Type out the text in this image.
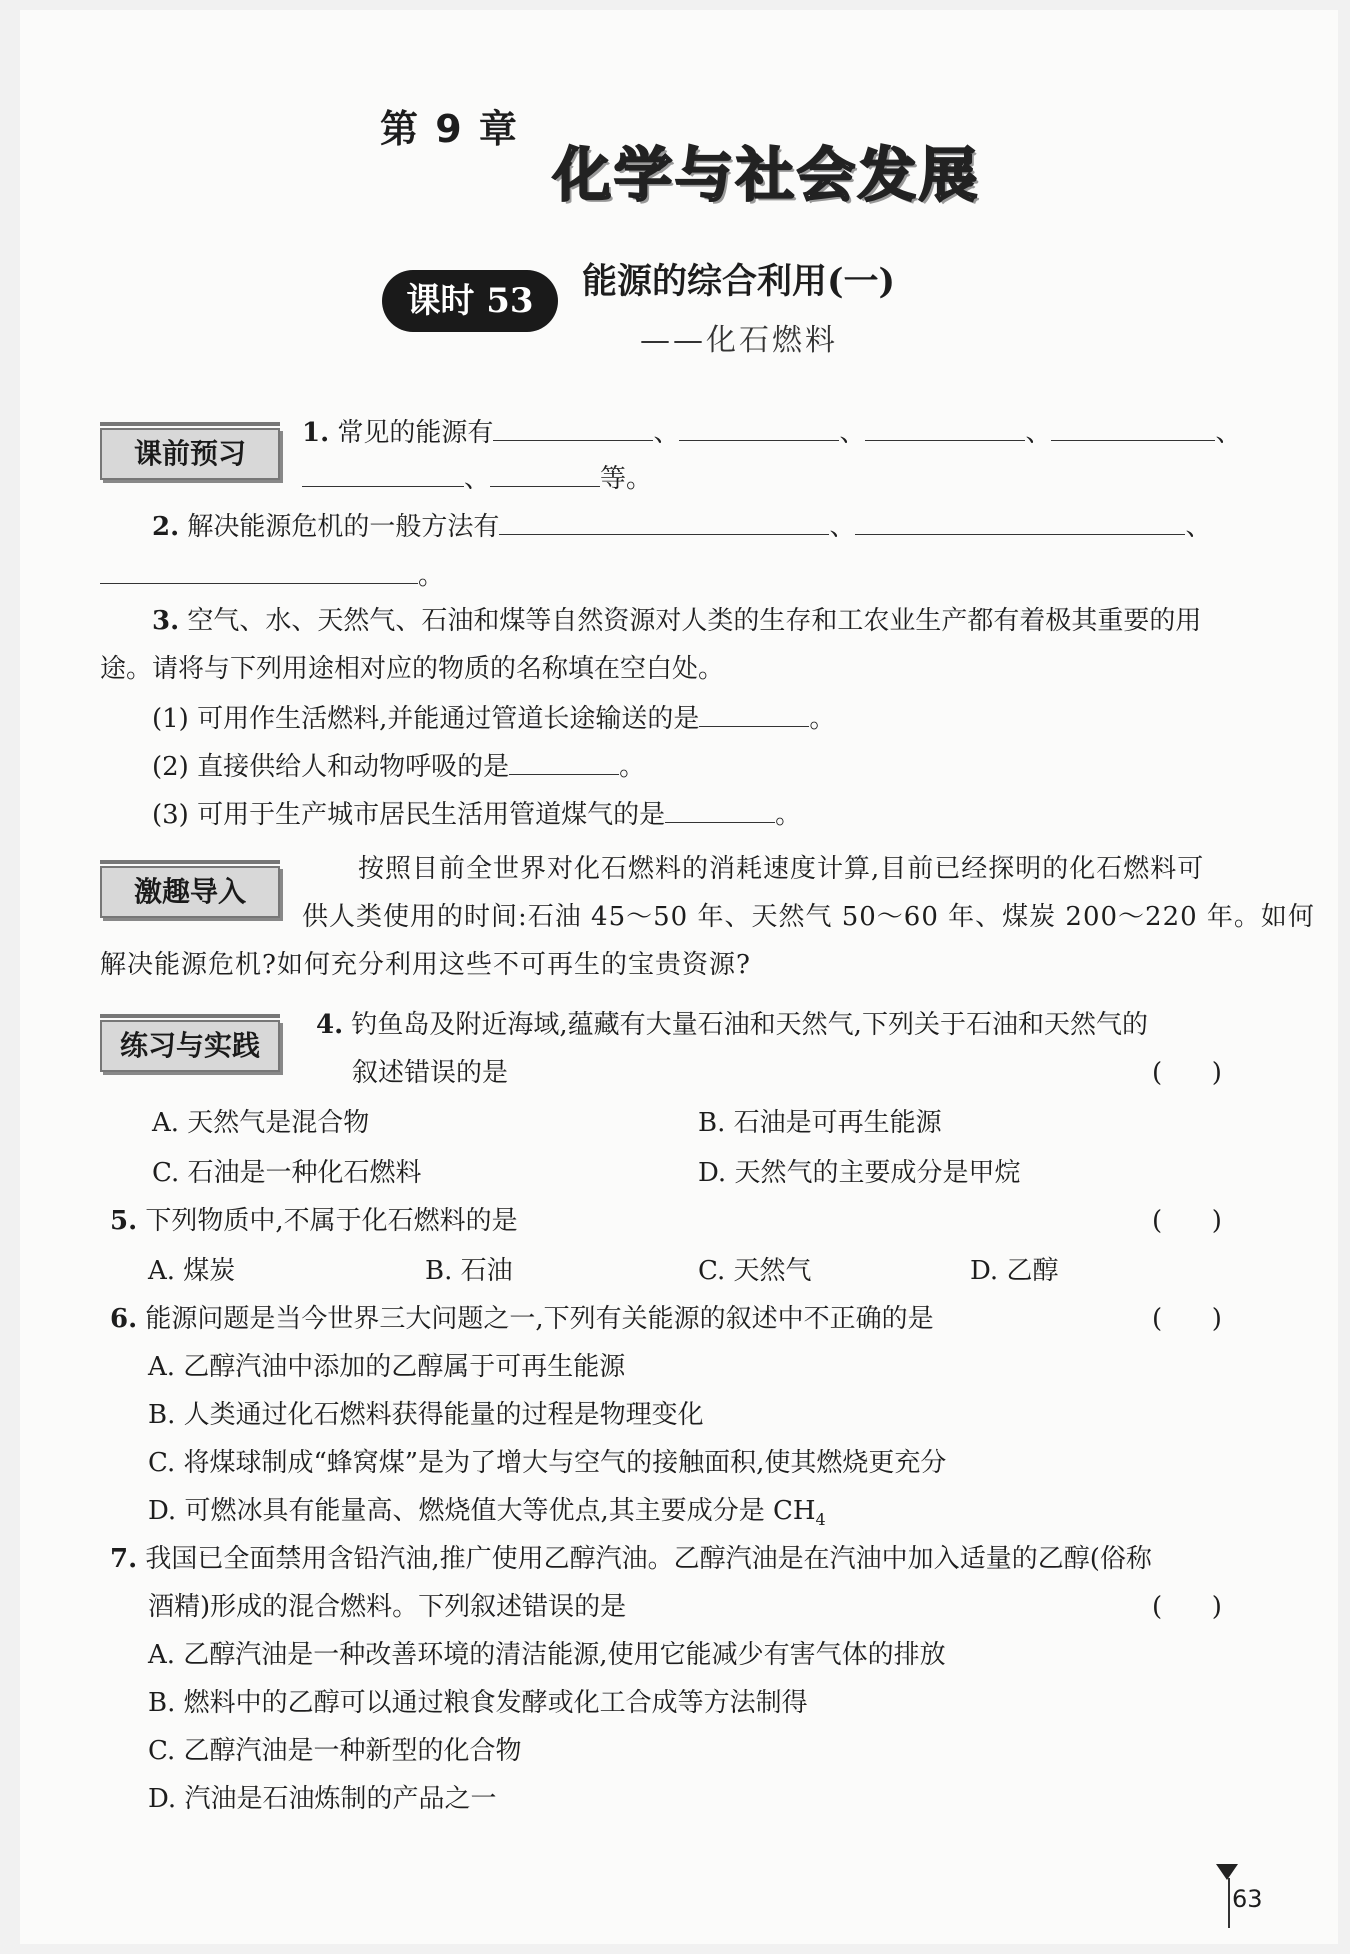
第 9 章
化学与社会发展
课时 53	能源的综合利用(一)
——化石燃料
课前预习
1. 常见的能源有	、	、	、	、
、	等。
2. 解决能源危机的一般方法有	、	、
。
3. 空气、水、天然气、石油和煤等自然资源对人类的生存和工农业生产都有着极其重要的用
途。请将与下列用途相对应的物质的名称填在空白处。
(1) 可用作生活燃料,并能通过管道长途输送的是	。
(2) 直接供给人和动物呼吸的是	。
(3) 可用于生产城市居民生活用管道煤气的是	。
激趣导入
按照目前全世界对化石燃料的消耗速度计算,目前已经探明的化石燃料可
供人类使用的时间:石油 45～50 年、天然气 50～60 年、煤炭 200～220 年。如何
解决能源危机?如何充分利用这些不可再生的宝贵资源?
练习与实践
4. 钓鱼岛及附近海域,蕴藏有大量石油和天然气,下列关于石油和天然气的
叙述错误的是	(      )
A. 天然气是混合物	B. 石油是可再生能源
C. 石油是一种化石燃料	D. 天然气的主要成分是甲烷
5. 下列物质中,不属于化石燃料的是	(      )
A. 煤炭	B. 石油	C. 天然气	D. 乙醇
6. 能源问题是当今世界三大问题之一,下列有关能源的叙述中不正确的是	(      )
A. 乙醇汽油中添加的乙醇属于可再生能源
B. 人类通过化石燃料获得能量的过程是物理变化
C. 将煤球制成“蜂窝煤”是为了增大与空气的接触面积,使其燃烧更充分
D. 可燃冰具有能量高、燃烧值大等优点,其主要成分是 $CH_4$
7. 我国已全面禁用含铅汽油,推广使用乙醇汽油。乙醇汽油是在汽油中加入适量的乙醇(俗称
酒精)形成的混合燃料。下列叙述错误的是	(      )
A. 乙醇汽油是一种改善环境的清洁能源,使用它能减少有害气体的排放
B. 燃料中的乙醇可以通过粮食发酵或化工合成等方法制得
C. 乙醇汽油是一种新型的化合物
D. 汽油是石油炼制的产品之一
63
